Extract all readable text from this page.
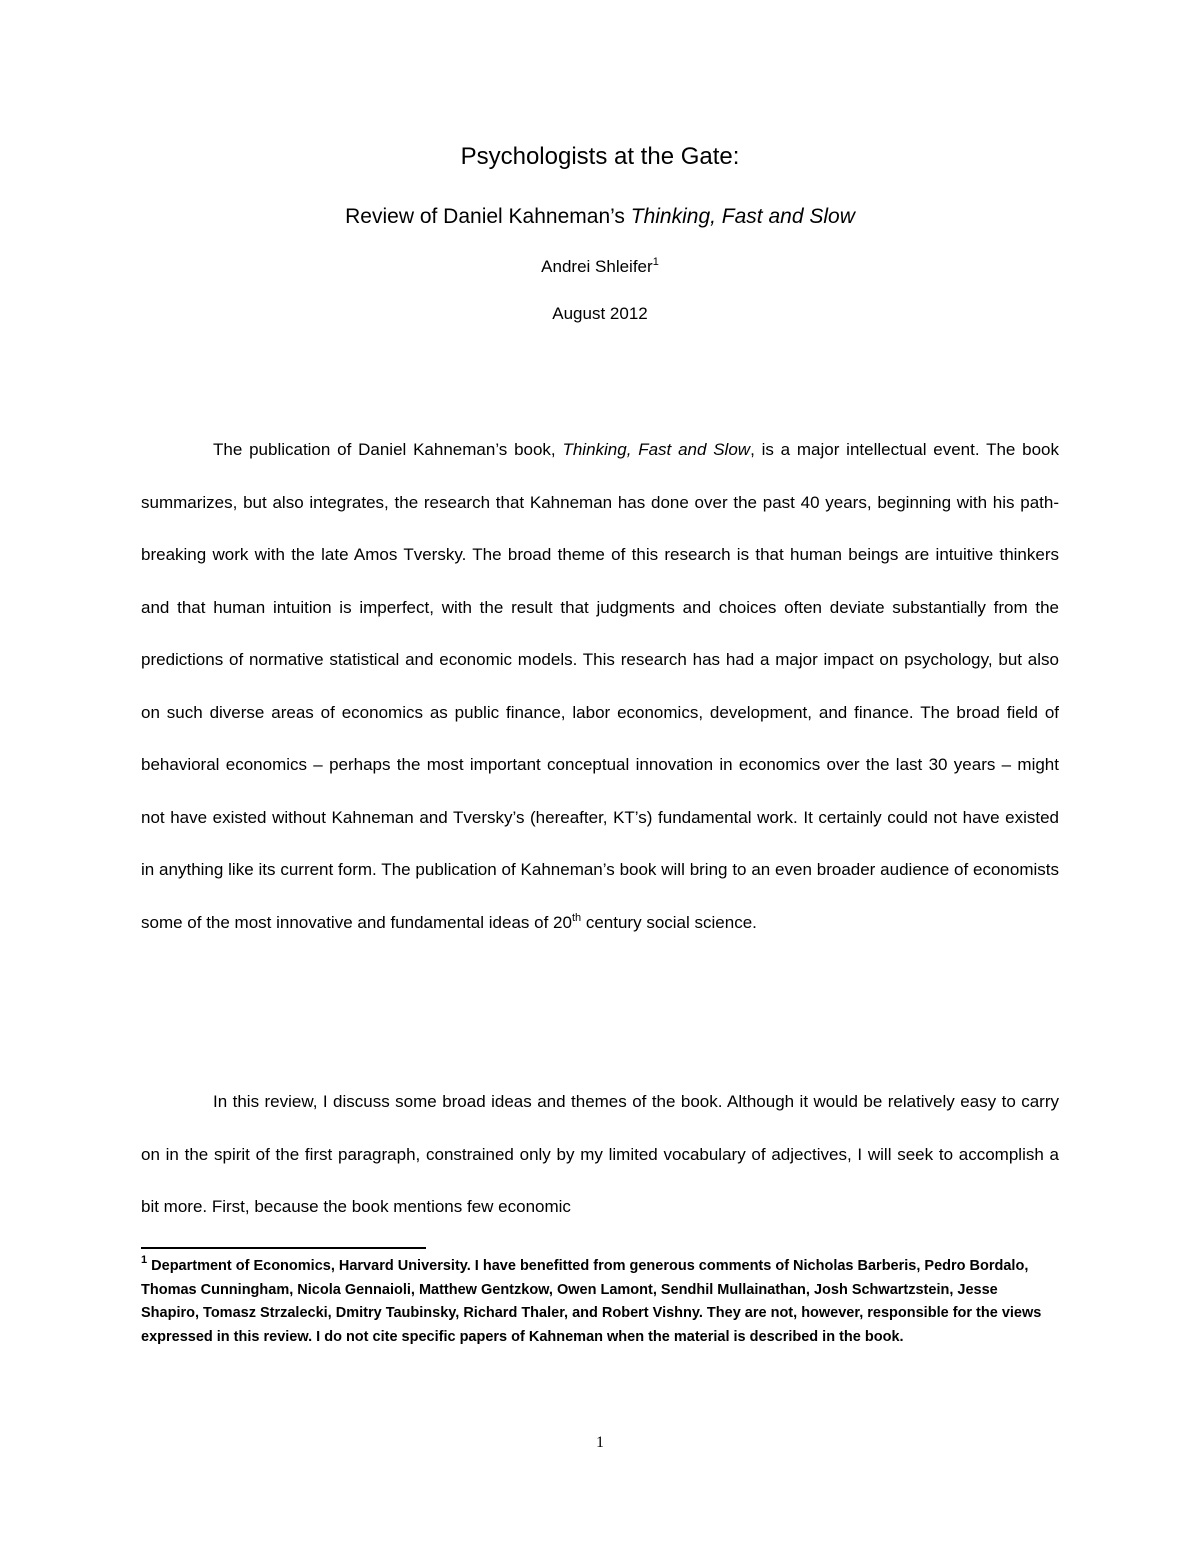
Psychologists at the Gate:
Review of Daniel Kahneman’s Thinking, Fast and Slow
Andrei Shleifer$^1$
August 2012

The publication of Daniel Kahneman’s book, Thinking, Fast and Slow, is a major intellectual event. The book summarizes, but also integrates, the research that Kahneman has done over the past 40 years, beginning with his path-breaking work with the late Amos Tversky. The broad theme of this research is that human beings are intuitive thinkers and that human intuition is imperfect, with the result that judgments and choices often deviate substantially from the predictions of normative statistical and economic models. This research has had a major impact on psychology, but also on such diverse areas of economics as public finance, labor economics, development, and finance. The broad field of behavioral economics – perhaps the most important conceptual innovation in economics over the last 30 years – might not have existed without Kahneman and Tversky’s (hereafter, KT’s) fundamental work. It certainly could not have existed in anything like its current form. The publication of Kahneman’s book will bring to an even broader audience of economists some of the most innovative and fundamental ideas of 20th century social science.

In this review, I discuss some broad ideas and themes of the book. Although it would be relatively easy to carry on in the spirit of the first paragraph, constrained only by my limited vocabulary of adjectives, I will seek to accomplish a bit more. First, because the book mentions few economic

$^1$ Department of Economics, Harvard University. I have benefitted from generous comments of Nicholas Barberis, Pedro Bordalo, Thomas Cunningham, Nicola Gennaioli, Matthew Gentzkow, Owen Lamont, Sendhil Mullainathan, Josh Schwartzstein, Jesse Shapiro, Tomasz Strzalecki, Dmitry Taubinsky, Richard Thaler, and Robert Vishny. They are not, however, responsible for the views expressed in this review. I do not cite specific papers of Kahneman when the material is described in the book.
1
